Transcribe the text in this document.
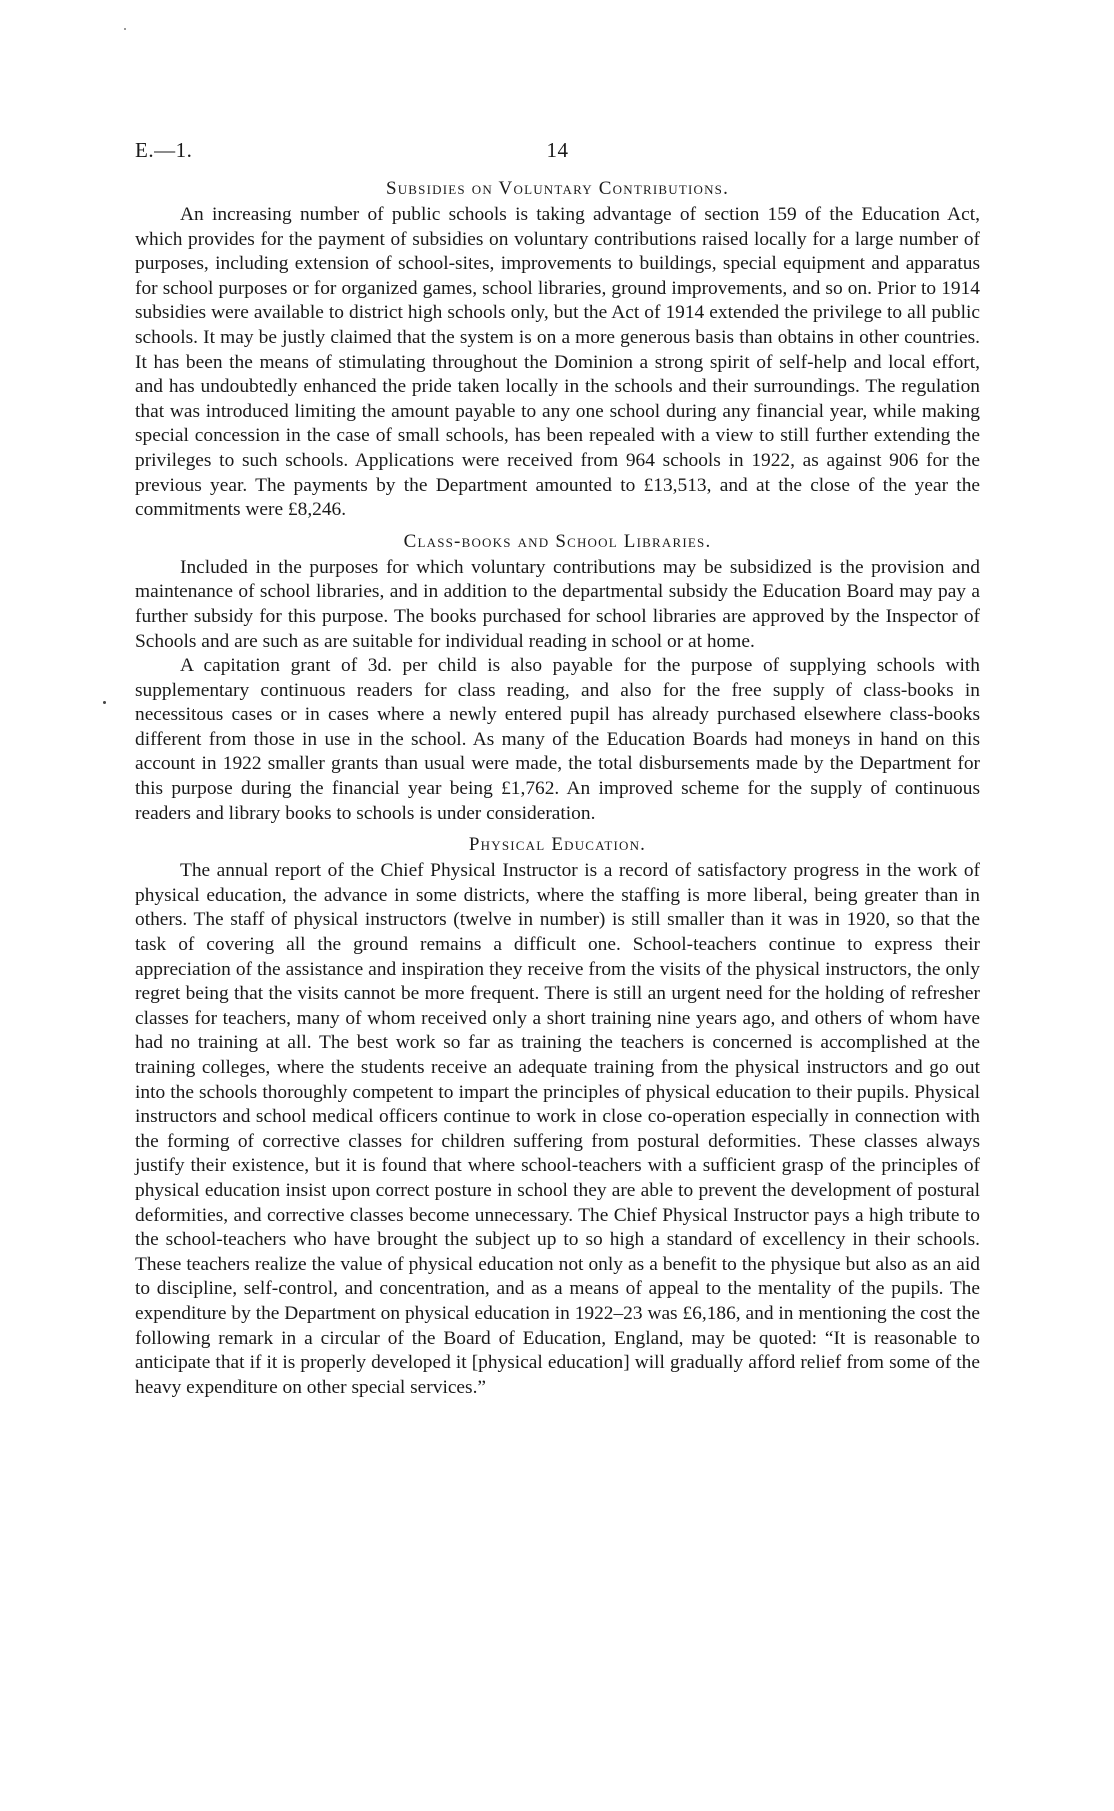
E.—1.	14
Subsidies on Voluntary Contributions.

An increasing number of public schools is taking advantage of section 159 of the Education Act, which provides for the payment of subsidies on voluntary contributions raised locally for a large number of purposes, including extension of school-sites, improvements to buildings, special equipment and apparatus for school purposes or for organized games, school libraries, ground improvements, and so on. Prior to 1914 subsidies were available to district high schools only, but the Act of 1914 extended the privilege to all public schools. It may be justly claimed that the system is on a more generous basis than obtains in other countries. It has been the means of stimulating throughout the Dominion a strong spirit of self-help and local effort, and has undoubtedly enhanced the pride taken locally in the schools and their surroundings. The regulation that was introduced limiting the amount payable to any one school during any financial year, while making special concession in the case of small schools, has been repealed with a view to still further extending the privileges to such schools. Applications were received from 964 schools in 1922, as against 906 for the previous year. The payments by the Department amounted to £13,513, and at the close of the year the commitments were £8,246.

Class-books and School Libraries.

Included in the purposes for which voluntary contributions may be subsidized is the provision and maintenance of school libraries, and in addition to the departmental subsidy the Education Board may pay a further subsidy for this purpose. The books purchased for school libraries are approved by the Inspector of Schools and are such as are suitable for individual reading in school or at home.

A capitation grant of 3d. per child is also payable for the purpose of supplying schools with supplementary continuous readers for class reading, and also for the free supply of class-books in necessitous cases or in cases where a newly entered pupil has already purchased elsewhere class-books different from those in use in the school. As many of the Education Boards had moneys in hand on this account in 1922 smaller grants than usual were made, the total disbursements made by the Department for this purpose during the financial year being £1,762. An improved scheme for the supply of continuous readers and library books to schools is under consideration.

Physical Education.

The annual report of the Chief Physical Instructor is a record of satisfactory progress in the work of physical education, the advance in some districts, where the staffing is more liberal, being greater than in others. The staff of physical instructors (twelve in number) is still smaller than it was in 1920, so that the task of covering all the ground remains a difficult one. School-teachers continue to express their appreciation of the assistance and inspiration they receive from the visits of the physical instructors, the only regret being that the visits cannot be more frequent. There is still an urgent need for the holding of refresher classes for teachers, many of whom received only a short training nine years ago, and others of whom have had no training at all. The best work so far as training the teachers is concerned is accomplished at the training colleges, where the students receive an adequate training from the physical instructors and go out into the schools thoroughly competent to impart the principles of physical education to their pupils. Physical instructors and school medical officers continue to work in close co-operation especially in connection with the forming of corrective classes for children suffering from postural deformities. These classes always justify their existence, but it is found that where school-teachers with a sufficient grasp of the principles of physical education insist upon correct posture in school they are able to prevent the development of postural deformities, and corrective classes become unnecessary. The Chief Physical Instructor pays a high tribute to the school-teachers who have brought the subject up to so high a standard of excellency in their schools. These teachers realize the value of physical education not only as a benefit to the physique but also as an aid to discipline, self-control, and concentration, and as a means of appeal to the mentality of the pupils. The expenditure by the Department on physical education in 1922–23 was £6,186, and in mentioning the cost the following remark in a circular of the Board of Education, England, may be quoted: “It is reasonable to anticipate that if it is properly developed it [physical education] will gradually afford relief from some of the heavy expenditure on other special services.”
